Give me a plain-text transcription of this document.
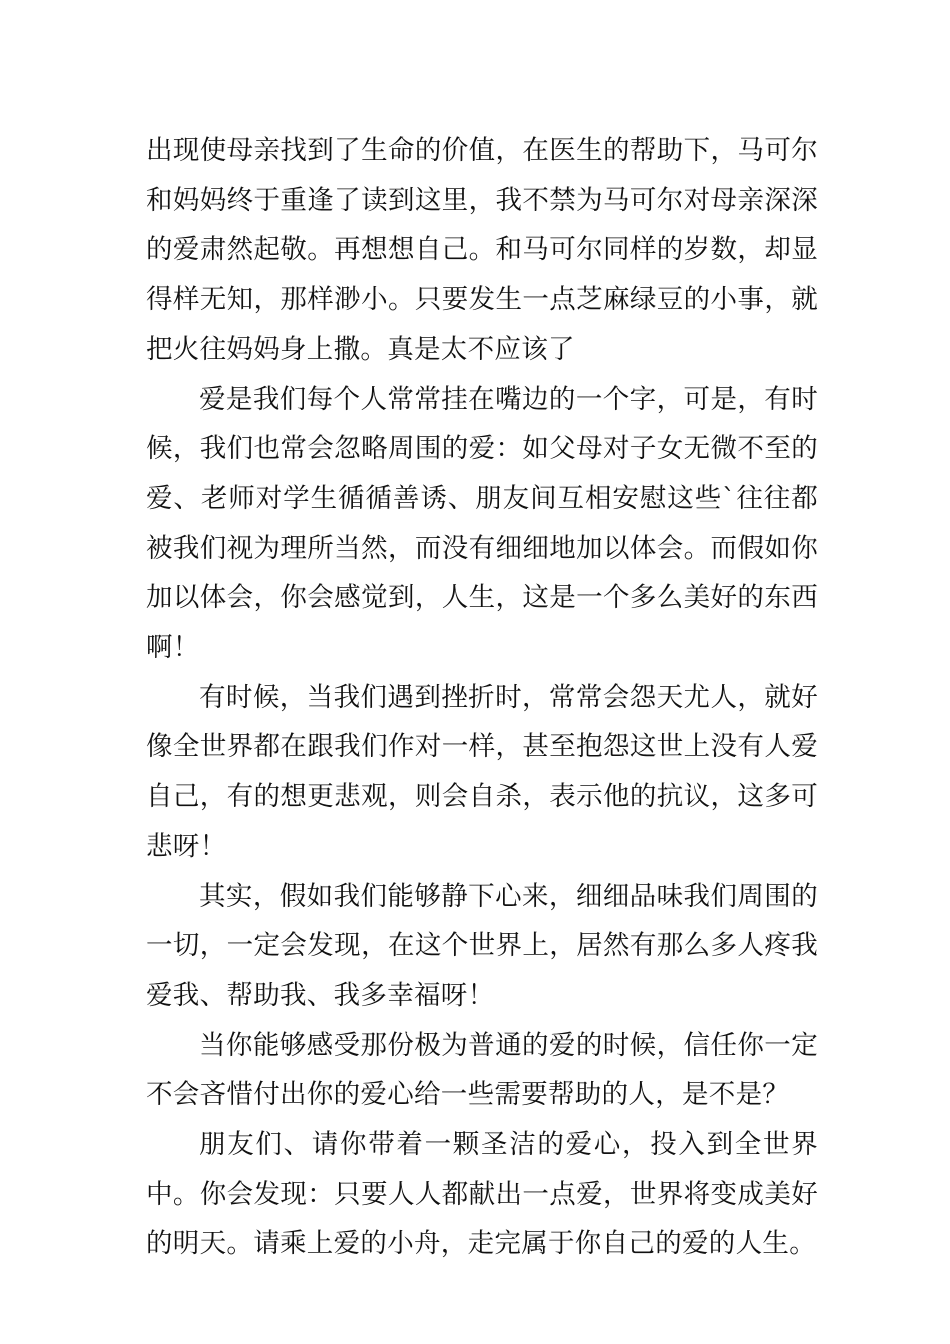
出现使母亲找到了生命的价值，在医生的帮助下，马可尔和妈妈终于重逢了读到这里，我不禁为马可尔对母亲深深的爱肃然起敬。再想想自己。和马可尔同样的岁数，却显得样无知，那样渺小。只要发生一点芝麻绿豆的小事，就把火往妈妈身上撒。真是太不应该了

爱是我们每个人常常挂在嘴边的一个字，可是，有时候，我们也常会忽略周围的爱：如父母对子女无微不至的爱、老师对学生循循善诱、朋友间互相安慰这些`往往都被我们视为理所当然，而没有细细地加以体会。而假如你加以体会，你会感觉到，人生，这是一个多么美好的东西啊！

有时候，当我们遇到挫折时，常常会怨天尤人，就好像全世界都在跟我们作对一样，甚至抱怨这世上没有人爱自己，有的想更悲观，则会自杀，表示他的抗议，这多可悲呀！

其实，假如我们能够静下心来，细细品味我们周围的一切，一定会发现，在这个世界上，居然有那么多人疼我爱我、帮助我、我多幸福呀！

当你能够感受那份极为普通的爱的时候，信任你一定不会吝惜付出你的爱心给一些需要帮助的人，是不是？

朋友们、请你带着一颗圣洁的爱心，投入到全世界中。你会发现：只要人人都献出一点爱，世界将变成美好的明天。请乘上爱的小舟，走完属于你自己的爱的人生。
